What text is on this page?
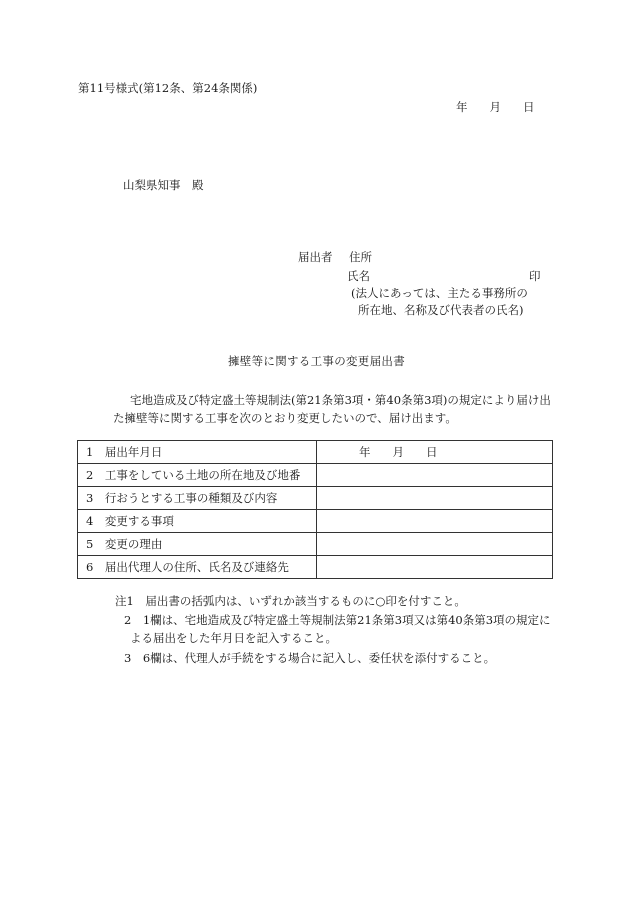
第11号様式(第12条、第24条関係)
年 月 日
山梨県知事　殿
届出者 住所
氏名	印
(法人にあっては、主たる事務所の
所在地、名称及び代表者の氏名)
擁壁等に関する工事の変更届出書
宅地造成及び特定盛土等規制法(第21条第3項・第40条第3項)の規定により届け出
た擁壁等に関する工事を次のとおり変更したいので、届け出ます。
1　届出年月日	年 月 日
2　工事をしている土地の所在地及び地番	
3　行おうとする工事の種類及び内容	
4　変更する事項	
5　変更の理由	
6　届出代理人の住所、氏名及び連絡先	
注1　届出書の括弧内は、いずれか該当するものに○印を付すこと。
2　1欄は、宅地造成及び特定盛土等規制法第21条第3項又は第40条第3項の規定に
よる届出をした年月日を記入すること。
3　6欄は、代理人が手続をする場合に記入し、委任状を添付すること。
